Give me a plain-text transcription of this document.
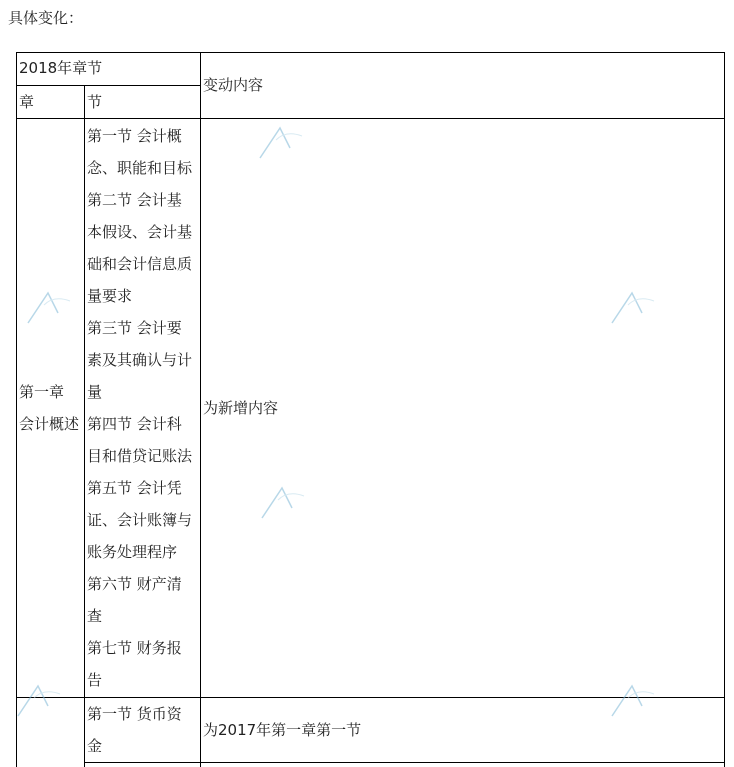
具体变化：
2018年章节
章	节
变动内容
第一章
会计概述
第一节 会计概
念、职能和目标
第二节 会计基
本假设、会计基
础和会计信息质
量要求
第三节 会计要
素及其确认与计
量
第四节 会计科
目和借贷记账法
第五节 会计凭
证、会计账簿与
账务处理程序
第六节 财产清
查
第七节 财务报
告
为新增内容
第一节 货币资
金
为2017年第一章第一节
